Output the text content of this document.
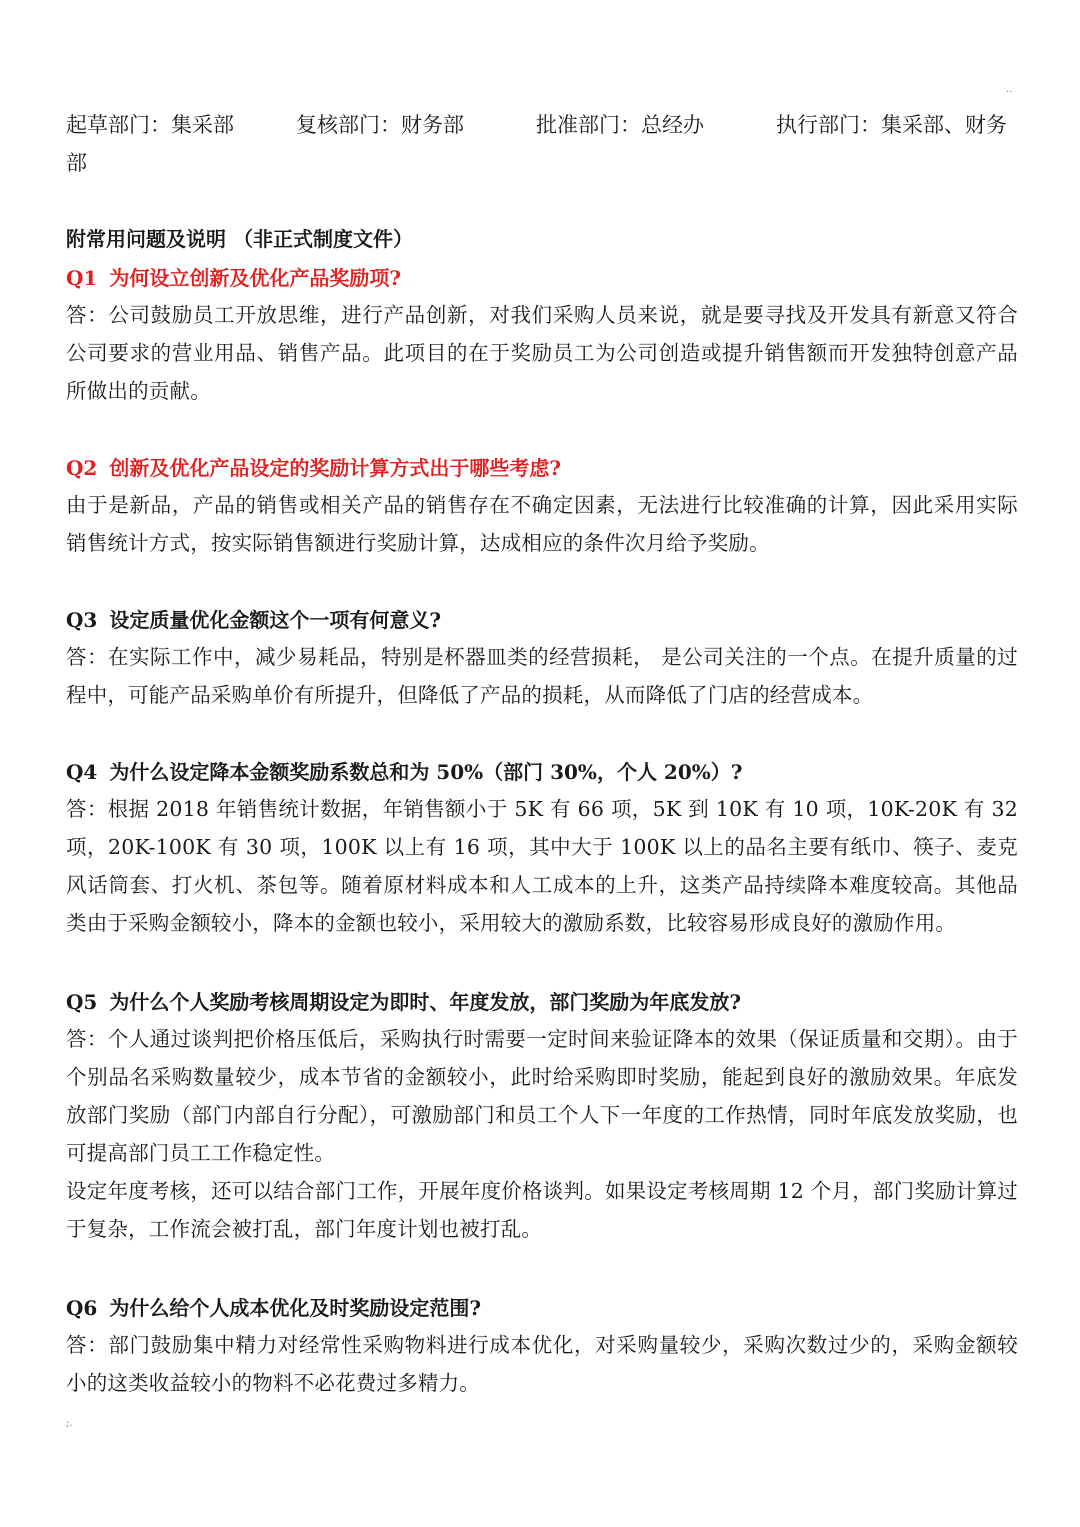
..
起草部门：集采部	复核部门：财务部	批准部门：总经办	执行部门：集采部、财务
部
附常用问题及说明 （非正式制度文件）
Q1 为何设立创新及优化产品奖励项?

答：公司鼓励员工开放思维，进行产品创新，对我们采购人员来说，就是要寻找及开发具有新意又符合公司要求的营业用品、销售产品。此项目的在于奖励员工为公司创造或提升销售额而开发独特创意产品所做出的贡献。

Q2 创新及优化产品设定的奖励计算方式出于哪些考虑?

由于是新品，产品的销售或相关产品的销售存在不确定因素，无法进行比较准确的计算，因此采用实际销售统计方式，按实际销售额进行奖励计算，达成相应的条件次月给予奖励。

Q3 设定质量优化金额这个一项有何意义?

答：在实际工作中，减少易耗品，特别是杯器皿类的经营损耗， 是公司关注的一个点。在提升质量的过程中，可能产品采购单价有所提升，但降低了产品的损耗，从而降低了门店的经营成本。

Q4 为什么设定降本金额奖励系数总和为 50%（部门 30%，个人 20%）?

答：根据 2018 年销售统计数据，年销售额小于 5K 有 66 项，5K 到 10K 有 10 项，10K-20K 有 32 项，20K-100K 有 30 项，100K 以上有 16 项，其中大于 100K 以上的品名主要有纸巾、筷子、麦克风话筒套、打火机、茶包等。随着原材料成本和人工成本的上升，这类产品持续降本难度较高。其他品类由于采购金额较小，降本的金额也较小，采用较大的激励系数，比较容易形成良好的激励作用。

Q5 为什么个人奖励考核周期设定为即时、年度发放，部门奖励为年底发放?

答：个人通过谈判把价格压低后，采购执行时需要一定时间来验证降本的效果（保证质量和交期）。由于个别品名采购数量较少，成本节省的金额较小，此时给采购即时奖励，能起到良好的激励效果。年底发放部门奖励（部门内部自行分配），可激励部门和员工个人下一年度的工作热情，同时年底发放奖励，也可提高部门员工工作稳定性。

设定年度考核，还可以结合部门工作，开展年度价格谈判。如果设定考核周期 12 个月，部门奖励计算过于复杂，工作流会被打乱，部门年度计划也被打乱。

Q6 为什么给个人成本优化及时奖励设定范围?

答：部门鼓励集中精力对经常性采购物料进行成本优化，对采购量较少，采购次数过少的，采购金额较小的这类收益较小的物料不必花费过多精力。

;.
